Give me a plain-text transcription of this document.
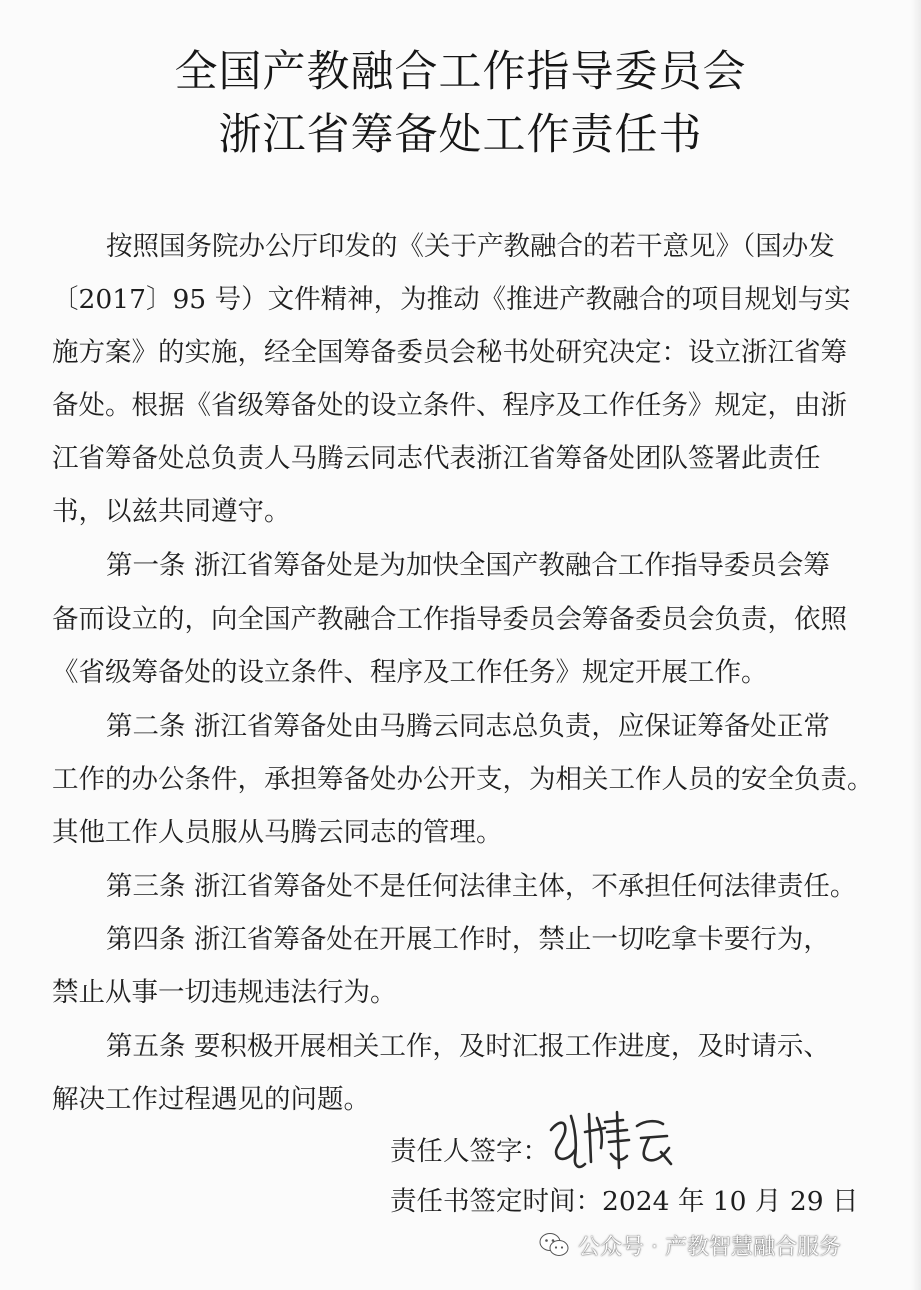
全国产教融合工作指导委员会
浙江省筹备处工作责任书
按照国务院办公厅印发的《关于产教融合的若干意见》（国办发
〔2017〕95 号）文件精神，为推动《推进产教融合的项目规划与实
施方案》的实施，经全国筹备委员会秘书处研究决定：设立浙江省筹
备处。根据《省级筹备处的设立条件、程序及工作任务》规定，由浙
江省筹备处总负责人马腾云同志代表浙江省筹备处团队签署此责任
书，以兹共同遵守。
第一条 浙江省筹备处是为加快全国产教融合工作指导委员会筹
备而设立的，向全国产教融合工作指导委员会筹备委员会负责，依照
《省级筹备处的设立条件、程序及工作任务》规定开展工作。
第二条 浙江省筹备处由马腾云同志总负责，应保证筹备处正常
工作的办公条件，承担筹备处办公开支，为相关工作人员的安全负责。
其他工作人员服从马腾云同志的管理。
第三条 浙江省筹备处不是任何法律主体，不承担任何法律责任。
第四条 浙江省筹备处在开展工作时，禁止一切吃拿卡要行为，
禁止从事一切违规违法行为。
第五条 要积极开展相关工作，及时汇报工作进度，及时请示、
解决工作过程遇见的问题。
责任人签字：
责任书签定时间：2024 年 10 月 29 日
公众号 · 产教智慧融合服务
